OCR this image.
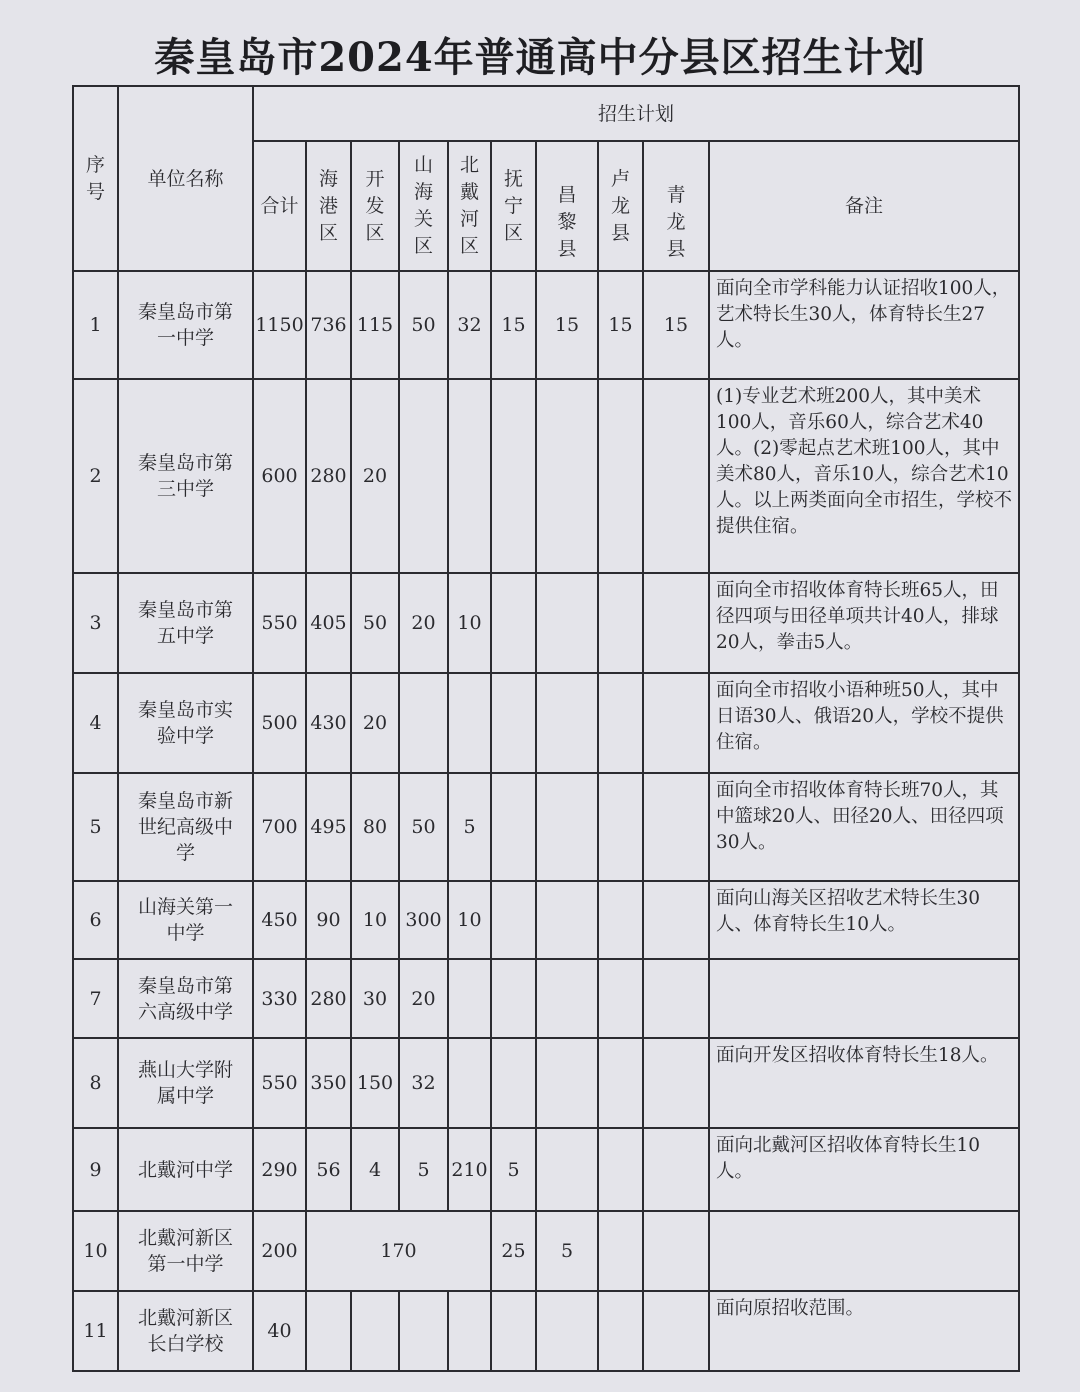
秦皇岛市2024年普通高中分县区招生计划
序号	单位名称	招生计划									
		合计	海港区	开发区	山海关区	北戴河区	抚宁区	昌黎县	卢龙县	青龙县	备注
1	秦皇岛市第一中学	1150	736	115	50	32	15	15	15	15	面向全市学科能力认证招收100人，艺术特长生30人，体育特长生27人。
2	秦皇岛市第三中学	600	280	20							(1)专业艺术班200人，其中美术100人，音乐60人，综合艺术40人。(2)零起点艺术班100人，其中美术80人，音乐10人，综合艺术10人。以上两类面向全市招生，学校不提供住宿。
3	秦皇岛市第五中学	550	405	50	20	10					面向全市招收体育特长班65人，田径四项与田径单项共计40人，排球20人，拳击5人。
4	秦皇岛市实验中学	500	430	20							面向全市招收小语种班50人，其中日语30人、俄语20人，学校不提供住宿。
5	秦皇岛市新世纪高级中学	700	495	80	50	5					面向全市招收体育特长班70人，其中篮球20人、田径20人、田径四项30人。
6	山海关第一中学	450	90	10	300	10					面向山海关区招收艺术特长生30人、体育特长生10人。
7	秦皇岛市第六高级中学	330	280	30	20						
8	燕山大学附属中学	550	350	150	32						面向开发区招收体育特长生18人。
9	北戴河中学	290	56	4	5	210	5				面向北戴河区招收体育特长生10人。
10	北戴河新区第一中学	200	170				25	5			
11	北戴河新区长白学校	40									面向原招收范围。
